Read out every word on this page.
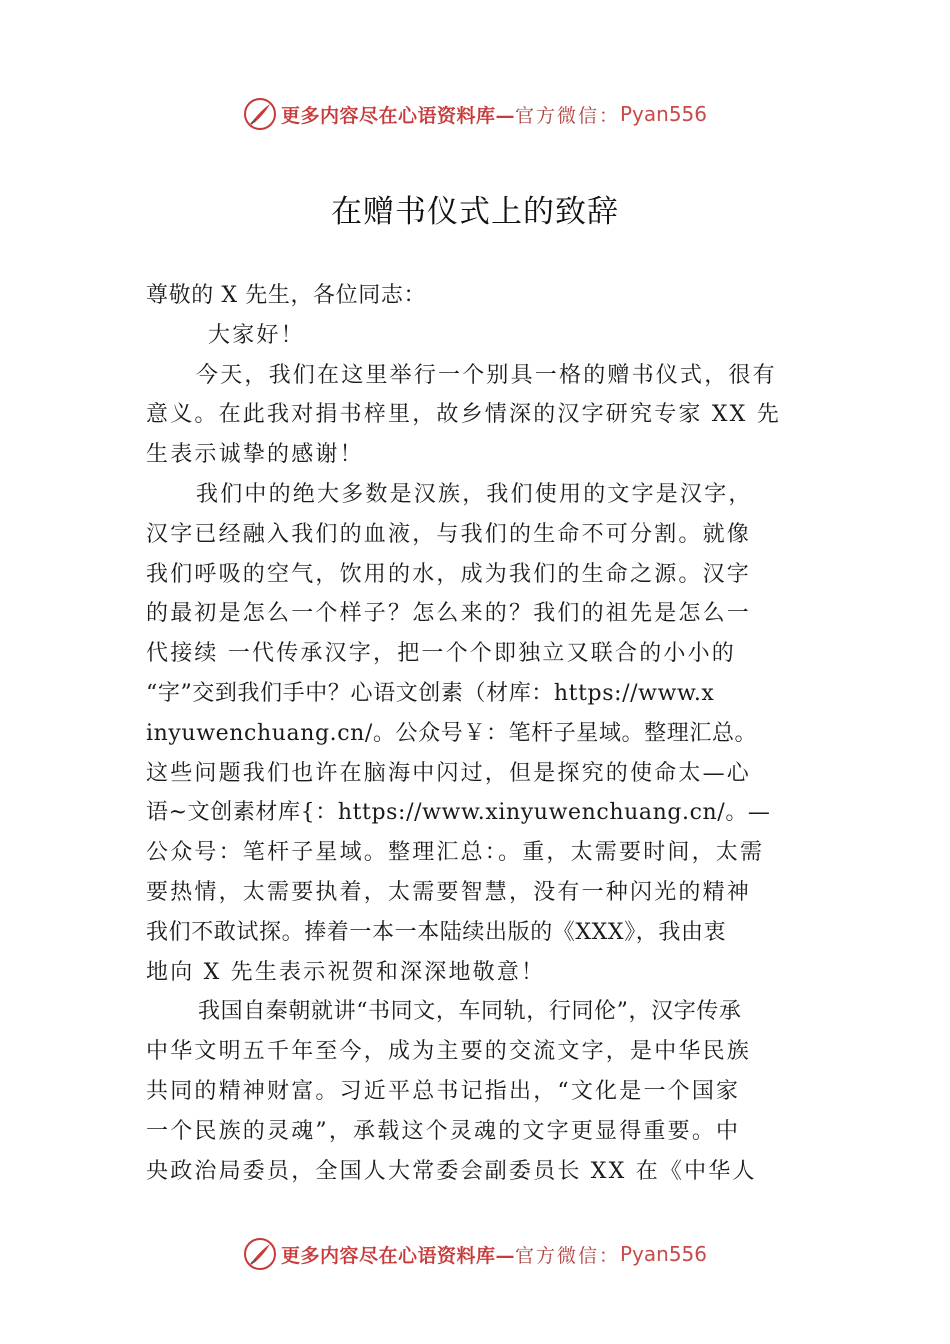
更多内容尽在心语资料库— 官方微信： Pyan556
在赠书仪式上的致辞
尊敬的 X 先生，各位同志：
大家好！
今天，我们在这里举行一个别具一格的赠书仪式，很有
意义。在此我对捐书梓里，故乡情深的汉字研究专家 XX 先
生表示诚挚的感谢！
我们中的绝大多数是汉族，我们使用的文字是汉字，
汉字已经融入我们的血液，与我们的生命不可分割。就像
我们呼吸的空气，饮用的水，成为我们的生命之源。汉字
的最初是怎么一个样子？怎么来的？我们的祖先是怎么一
代接续 一代传承汉字，把一个个即独立又联合的小小的
“字”交到我们手中？心语文创素（材库：https://www.x
inyuwenchuang.cn/。公众号￥：笔杆子星域。整理汇总。
这些问题我们也许在脑海中闪过，但是探究的使命太—心
语~文创素材库{：https://www.xinyuwenchuang.cn/。—
公众号：笔杆子星域。整理汇总：。重，太需要时间，太需
要热情，太需要执着，太需要智慧，没有一种闪光的精神
我们不敢试探。捧着一本一本陆续出版的《XXX》，我由衷
地向 X 先生表示祝贺和深深地敬意！
我国自秦朝就讲“书同文，车同轨，行同伦”，汉字传承
中华文明五千年至今，成为主要的交流文字，是中华民族
共同的精神财富。习近平总书记指出，“文化是一个国家
一个民族的灵魂”，承载这个灵魂的文字更显得重要。中
央政治局委员，全国人大常委会副委员长 XX 在《中华人
更多内容尽在心语资料库— 官方微信： Pyan556
